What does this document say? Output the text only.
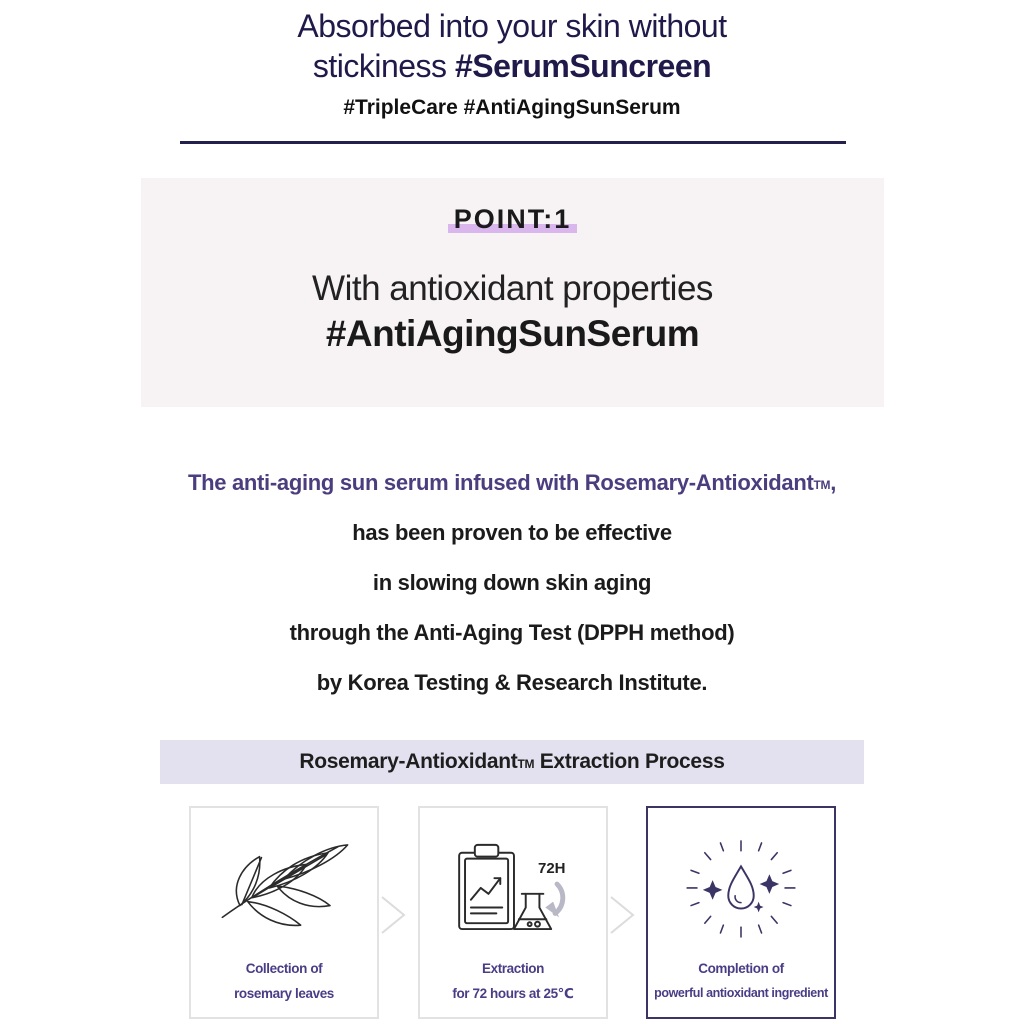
Absorbed into your skin without
stickiness #SerumSuncreen
#TripleCare #AntiAgingSunSerum
POINT:1
With antioxidant properties
#AntiAgingSunSerum

The anti-aging sun serum infused with Rosemary-Antioxidant™,

has been proven to be effective

in slowing down skin aging

through the Anti-Aging Test (DPPH method)

by Korea Testing & Research Institute.

Rosemary-Antioxidant™ Extraction Process
Collection of
rosemary leaves
72H
Extraction
for 72 hours at 25℃
Completion of
powerful antioxidant ingredient
